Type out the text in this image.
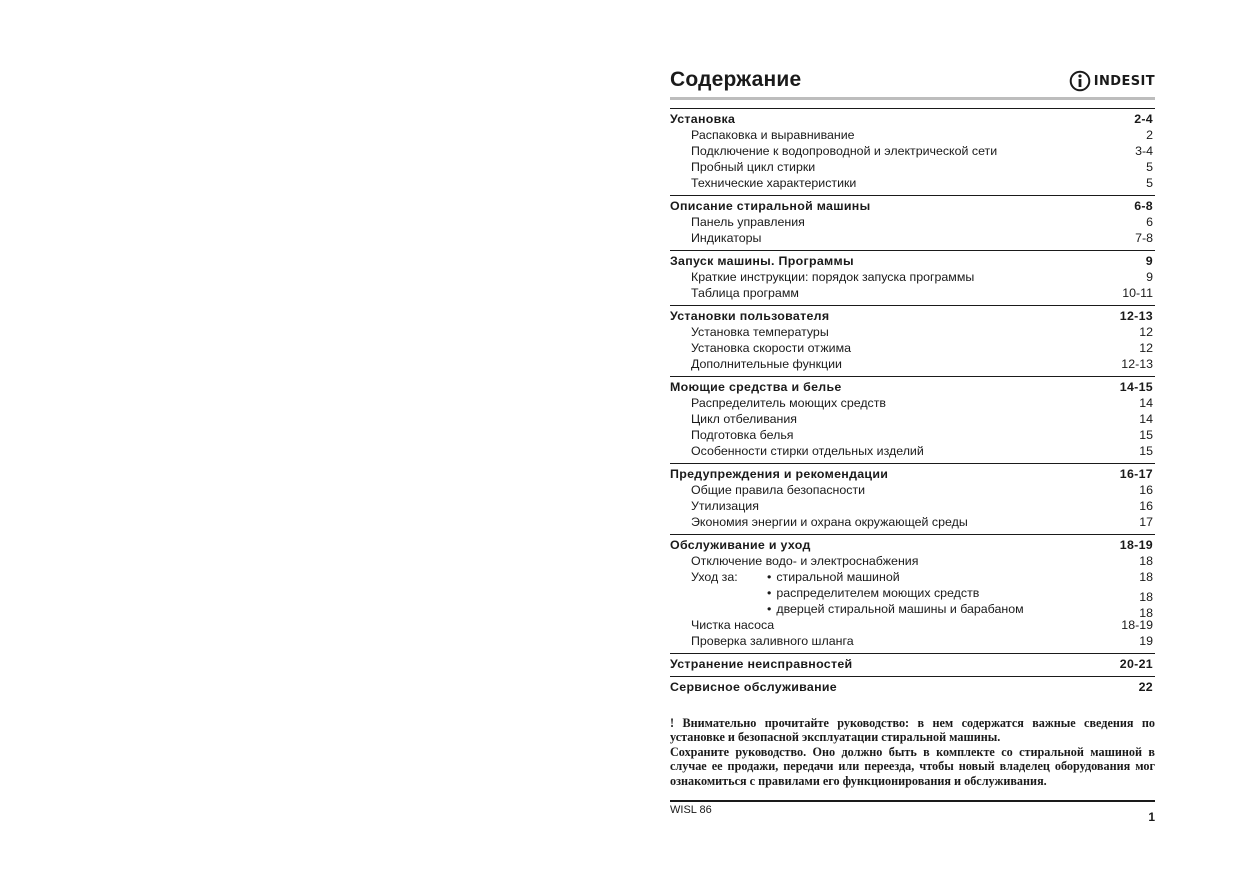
Содержание	INDESIT
Установка	2-4
Распаковка и выравнивание	2
Подключение к водопроводной и электрической сети	3-4
Пробный цикл стирки	5
Технические характеристики	5
Описание стиральной машины	6-8
Панель управления	6
Индикаторы	7-8
Запуск машины. Программы	9
Краткие инструкции: порядок запуска программы	9
Таблица программ	10-11
Установки пользователя	12-13
Установка температуры	12
Установка скорости отжима	12
Дополнительные функции	12-13
Моющие средства и белье	14-15
Распределитель моющих средств	14
Цикл отбеливания	14
Подготовка белья	15
Особенности стирки отдельных изделий	15
Предупреждения и рекомендации	16-17
Общие правила безопасности	16
Утилизация	16
Экономия энергии и охрана окружающей среды	17
Обслуживание и уход	18-19
Отключение водо- и электроснабжения	18
Уход за:	• стиральной машиной	18
• распределителем моющих средств	18
• дверцей стиральной машины и барабаном	18
Чистка насоса	18-19
Проверка заливного шланга	19
Устранение неисправностей	20-21
Сервисное обслуживание	22

! Внимательно прочитайте руководство: в нем содержатся важные сведения по установке и безопасной эксплуатации стиральной машины.

Сохраните руководство. Оно должно быть в комплекте со стиральной машиной в случае ее продажи, передачи или переезда, чтобы новый владелец оборудования мог ознакомиться с правилами его функционирования и обслуживания.

WISL 86	1
